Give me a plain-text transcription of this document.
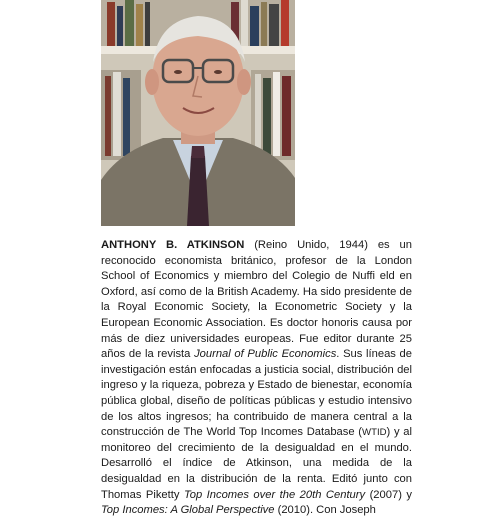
ANTHONY B. ATKINSON (Reino Unido, 1944) es un reconocido economista británico, profesor de la London School of Economics y miembro del Colegio de Nuffi eld en Oxford, así como de la British Academy. Ha sido presidente de la Royal Economic Society, la Econometric Society y la European Economic Association. Es doctor honoris causa por más de diez universidades europeas. Fue editor durante 25 años de la revista Journal of Public Economics. Sus líneas de investigación están enfocadas a justicia social, distribución del ingreso y la riqueza, pobreza y Estado de bienestar, economía pública global, diseño de políticas públicas y estudio intensivo de los altos ingresos; ha contribuido de manera central a la construcción de The World Top Incomes Database (WTID) y al monitoreo del crecimiento de la desigualdad en el mundo. Desarrolló el índice de Atkinson, una medida de la desigualdad en la distribución de la renta. Editó junto con Thomas Piketty Top Incomes over the 20th Century (2007) y Top Incomes: A Global Perspective (2010). Con Joseph
